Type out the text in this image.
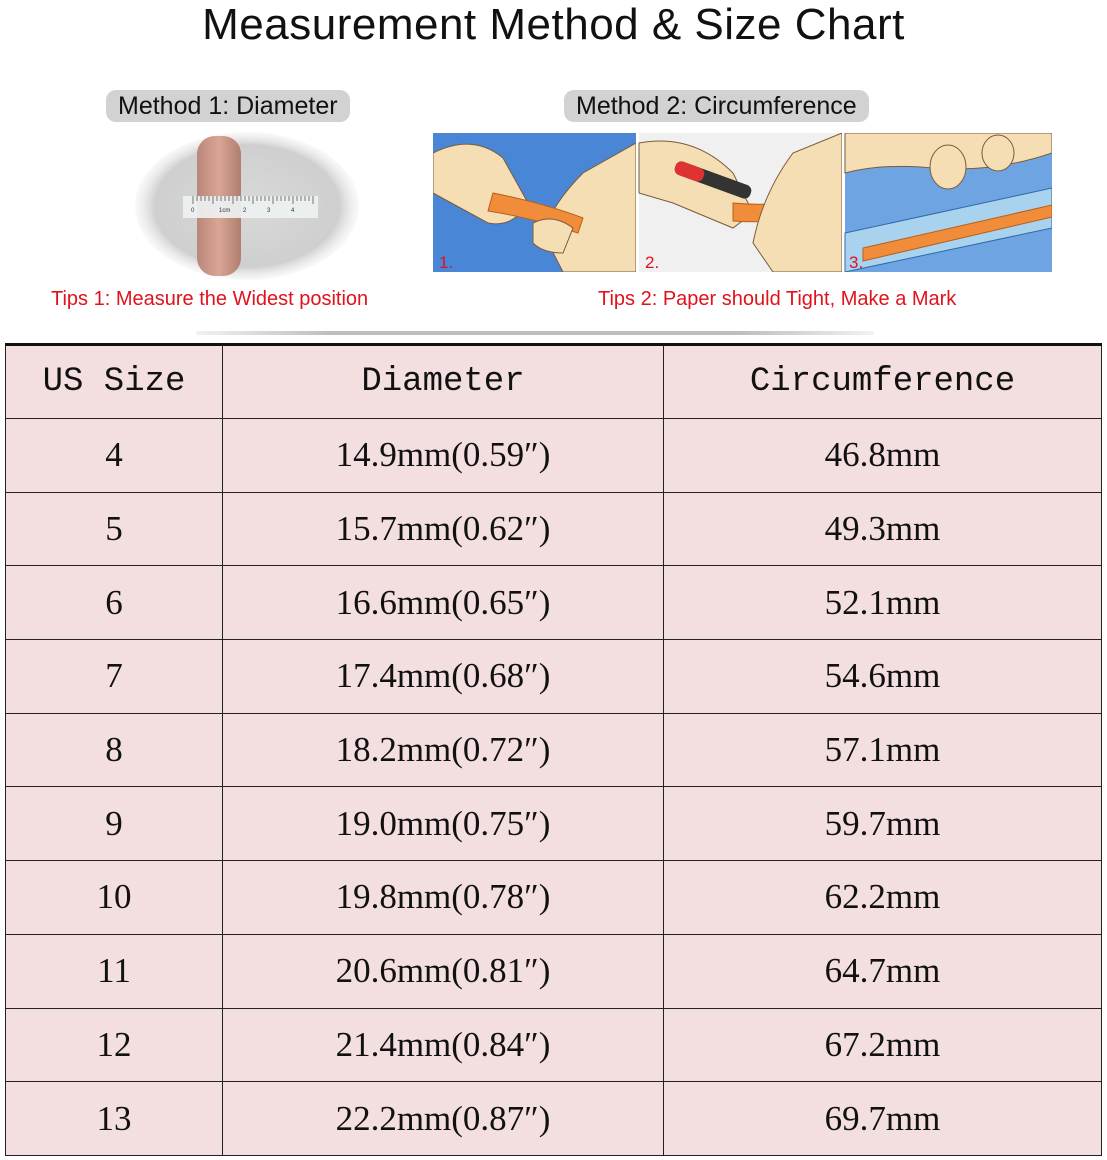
Measurement Method & Size Chart
Method 1: Diameter	Method 2: Circumference
0	1cm 2	3	4
1.	2.	3.
Tips 1: Measure the Widest position	Tips 2: Paper should Tight, Make a Mark
US Size	Diameter	Circumference
4	14.9mm(0.59″)	46.8mm
5	15.7mm(0.62″)	49.3mm
6	16.6mm(0.65″)	52.1mm
7	17.4mm(0.68″)	54.6mm
8	18.2mm(0.72″)	57.1mm
9	19.0mm(0.75″)	59.7mm
10	19.8mm(0.78″)	62.2mm
11	20.6mm(0.81″)	64.7mm
12	21.4mm(0.84″)	67.2mm
13	22.2mm(0.87″)	69.7mm
